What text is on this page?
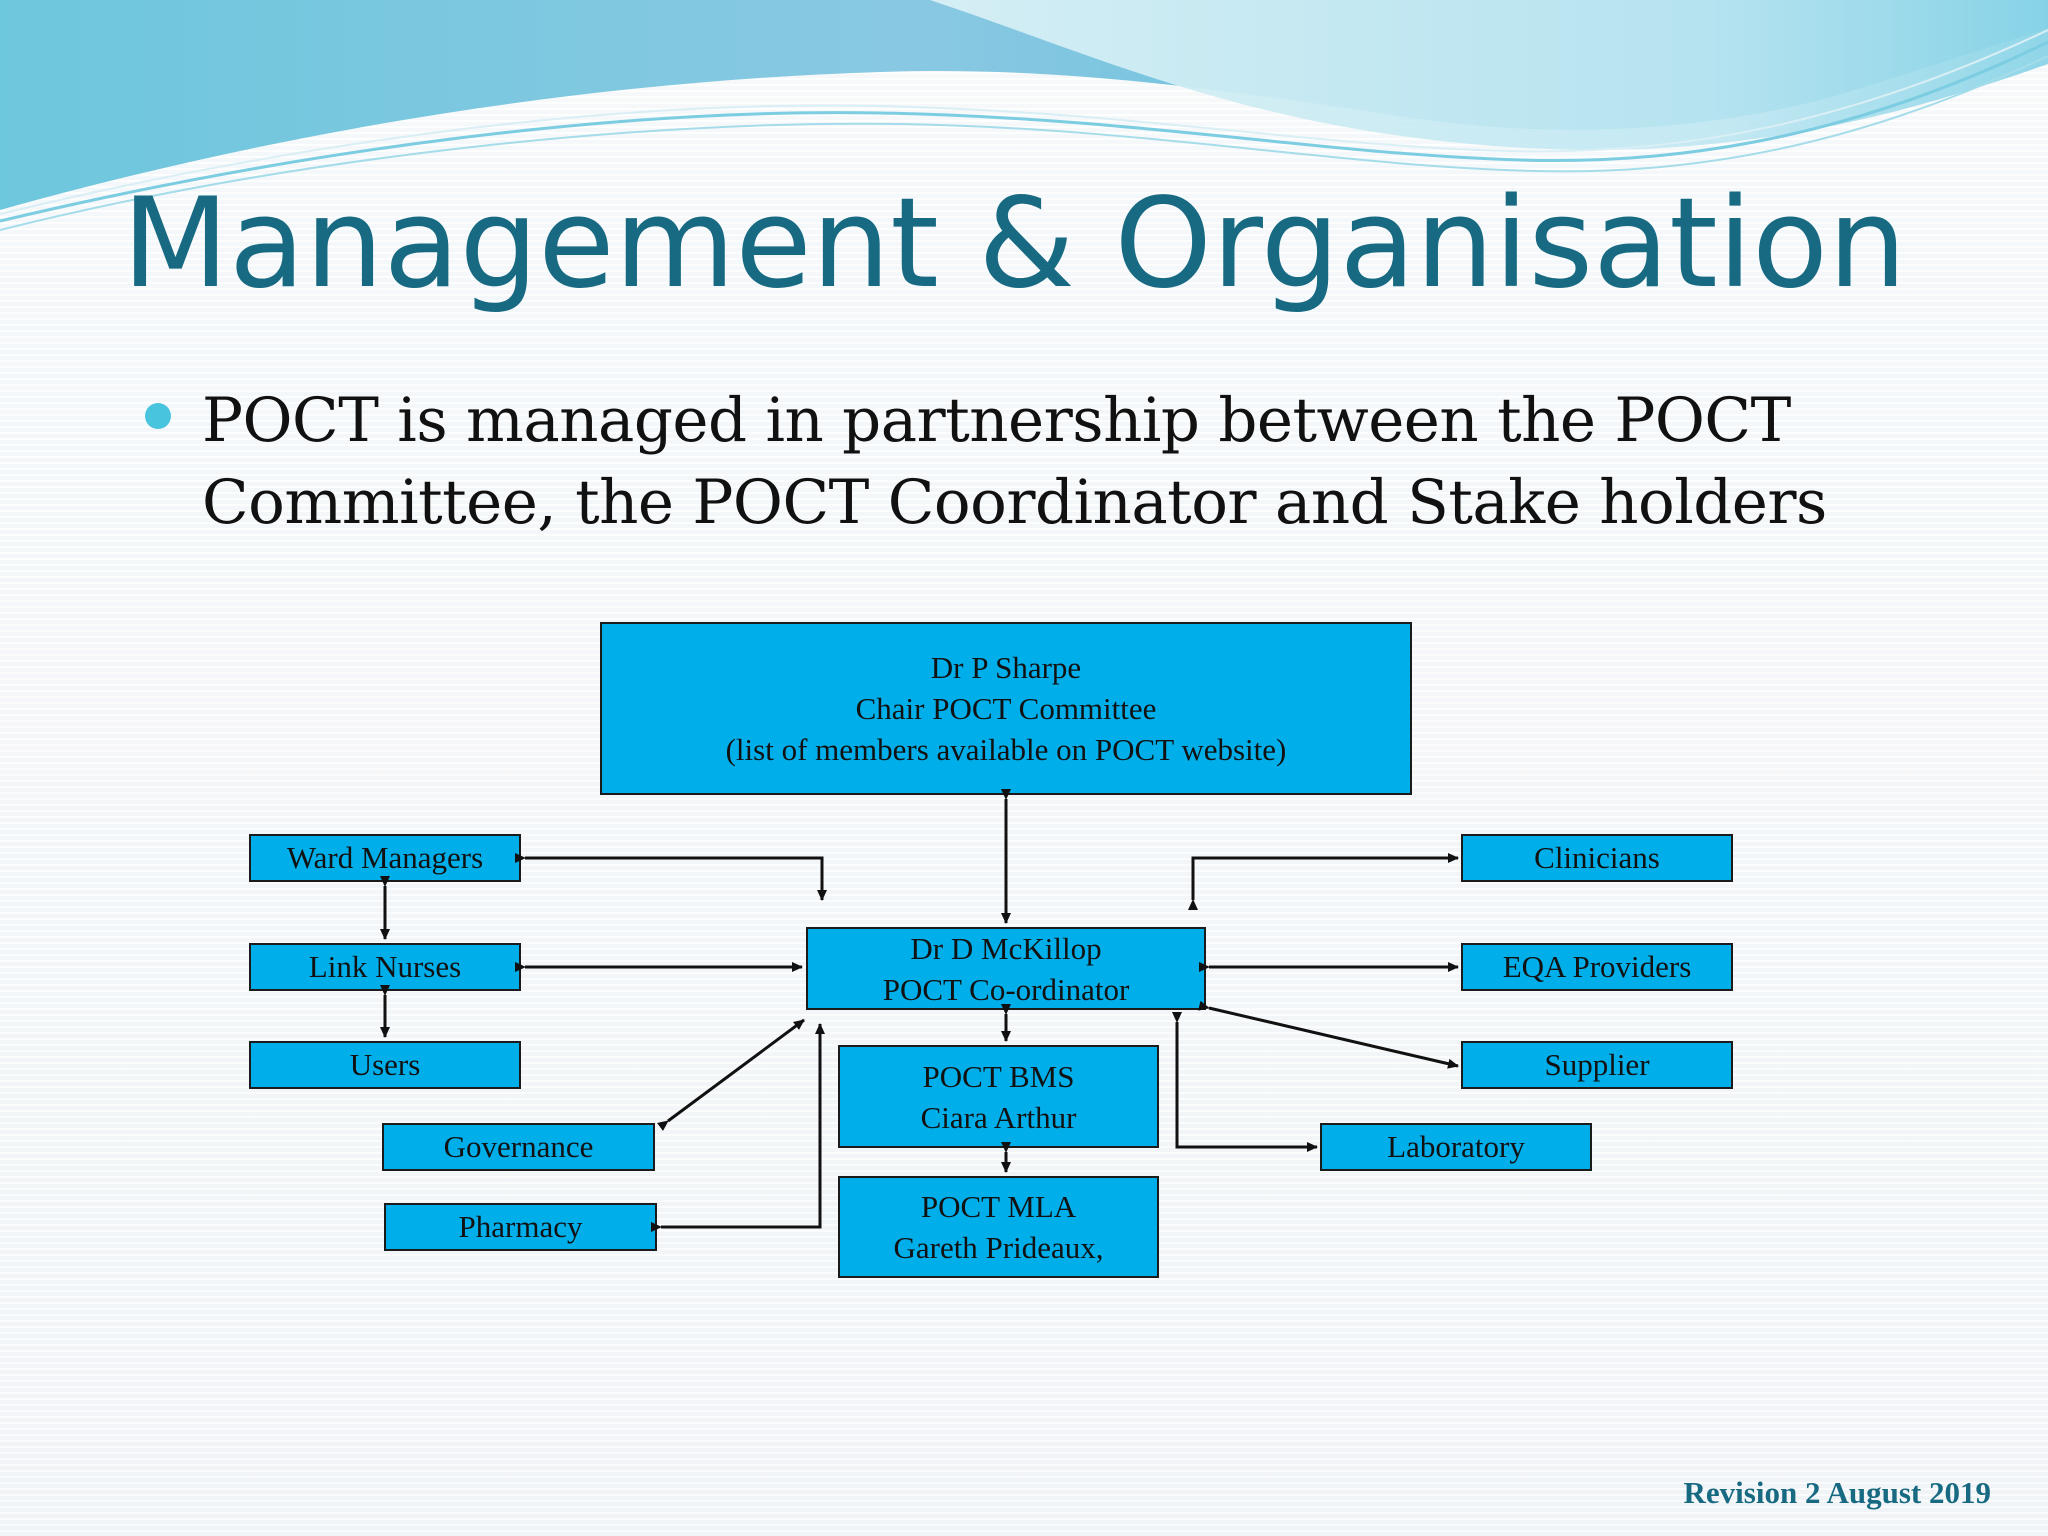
Management & Organisation
POCT is managed in partnership between the POCT Committee, the POCT Coordinator and Stake holders
Dr P Sharpe
Chair POCT Committee
(list of members available on POCT website)
Ward Managers
Link Nurses
Users
Governance
Pharmacy
Dr D McKillop
POCT Co-ordinator
POCT BMS
Ciara Arthur
POCT MLA
Gareth Prideaux,
Clinicians
EQA Providers
Supplier
Laboratory
Revision 2 August 2019
